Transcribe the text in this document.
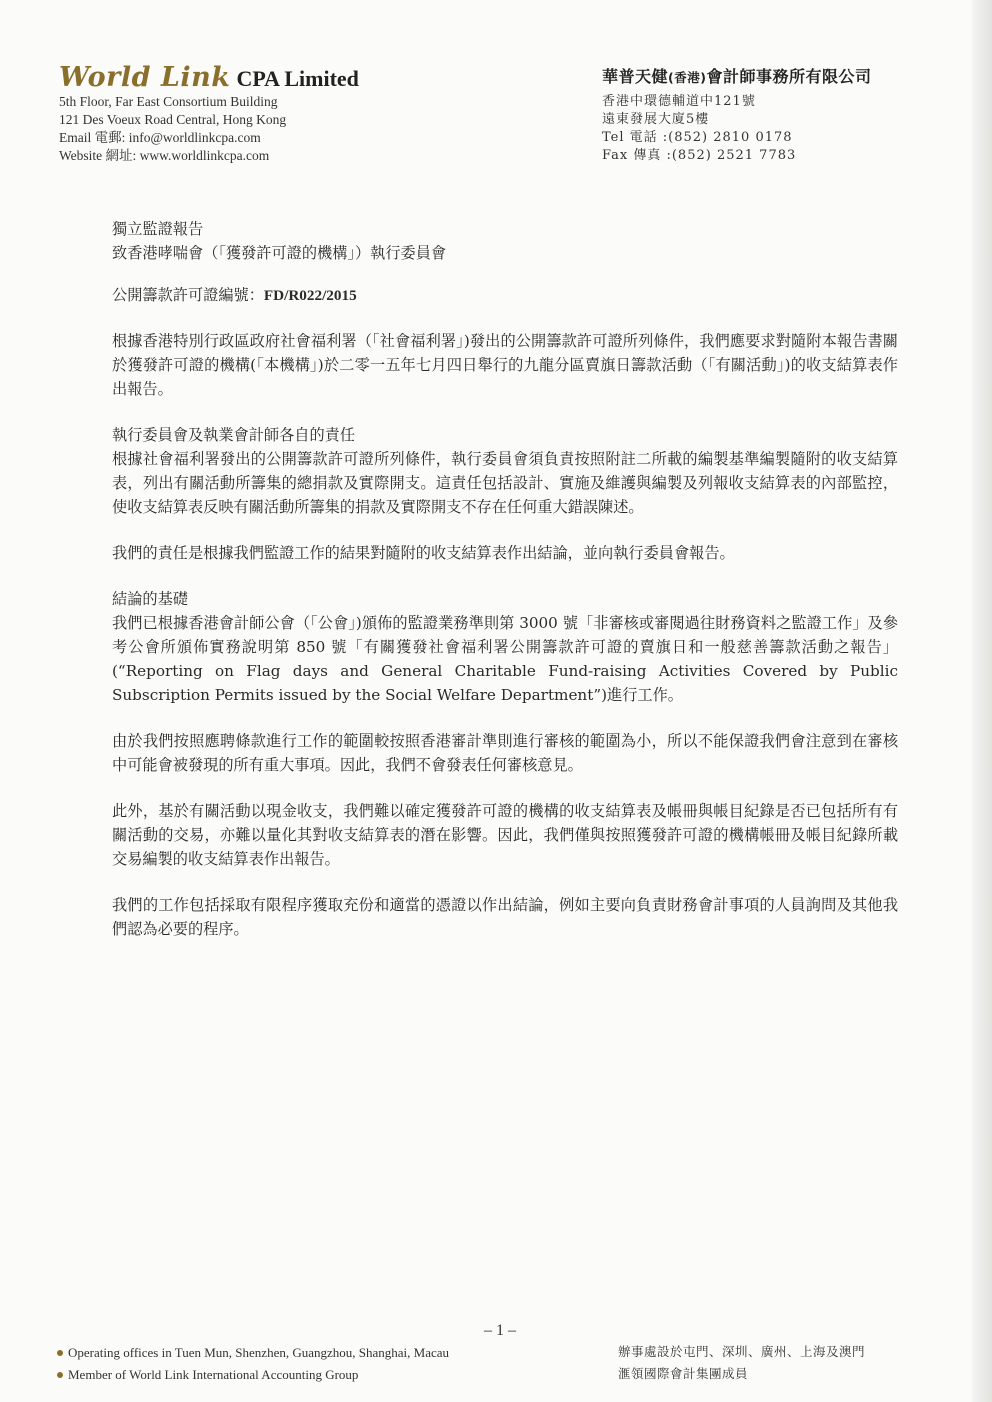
World Link CPA Limited
5th Floor, Far East Consortium Building
121 Des Voeux Road Central, Hong Kong
Email 電郵: info@worldlinkcpa.com
Website 網址: www.worldlinkcpa.com
華普天健(香港)會計師事務所有限公司
香港中環德輔道中121號
遠東發展大廈5樓
Tel 電話 :(852) 2810 0178
Fax 傳真 :(852) 2521 7783

獨立監證報告

致香港哮喘會（「獲發許可證的機構」）執行委員會

公開籌款許可證編號：FD/R022/2015

根據香港特別行政區政府社會福利署（「社會福利署」)發出的公開籌款許可證所列條件，我們應要求對隨附本報告書關於獲發許可證的機構(「本機構」)於二零一五年七月四日舉行的九龍分區賣旗日籌款活動（「有關活動」)的收支結算表作出報告。

執行委員會及執業會計師各自的責任

根據社會福利署發出的公開籌款許可證所列條件，執行委員會須負責按照附註二所載的編製基準編製隨附的收支結算表，列出有關活動所籌集的總捐款及實際開支。這責任包括設計、實施及維護與編製及列報收支結算表的內部監控，使收支結算表反映有關活動所籌集的捐款及實際開支不存在任何重大錯誤陳述。

我們的責任是根據我們監證工作的結果對隨附的收支結算表作出結論，並向執行委員會報告。

結論的基礎

我們已根據香港會計師公會（「公會」)頒佈的監證業務準則第 3000 號「非審核或審閱過往財務資料之監證工作」及參考公會所頒佈實務說明第 850 號「有關獲發社會福利署公開籌款許可證的賣旗日和一般慈善籌款活動之報告」(“Reporting on Flag days and General Charitable Fund-raising Activities Covered by Public Subscription Permits issued by the Social Welfare Department”)進行工作。

由於我們按照應聘條款進行工作的範圍較按照香港審計準則進行審核的範圍為小，所以不能保證我們會注意到在審核中可能會被發現的所有重大事項。因此，我們不會發表任何審核意見。

此外，基於有關活動以現金收支，我們難以確定獲發許可證的機構的收支結算表及帳冊與帳目紀錄是否已包括所有有關活動的交易，亦難以量化其對收支結算表的潛在影響。因此，我們僅與按照獲發許可證的機構帳冊及帳目紀錄所載交易編製的收支結算表作出報告。

我們的工作包括採取有限程序獲取充份和適當的憑證以作出結論，例如主要向負責財務會計事項的人員詢問及其他我們認為必要的程序。

– 1 –
Operating offices in Tuen Mun, Shenzhen, Guangzhou, Shanghai, Macau
Member of World Link International Accounting Group
辦事處設於屯門、深圳、廣州、上海及澳門
滙領國際會計集團成員
